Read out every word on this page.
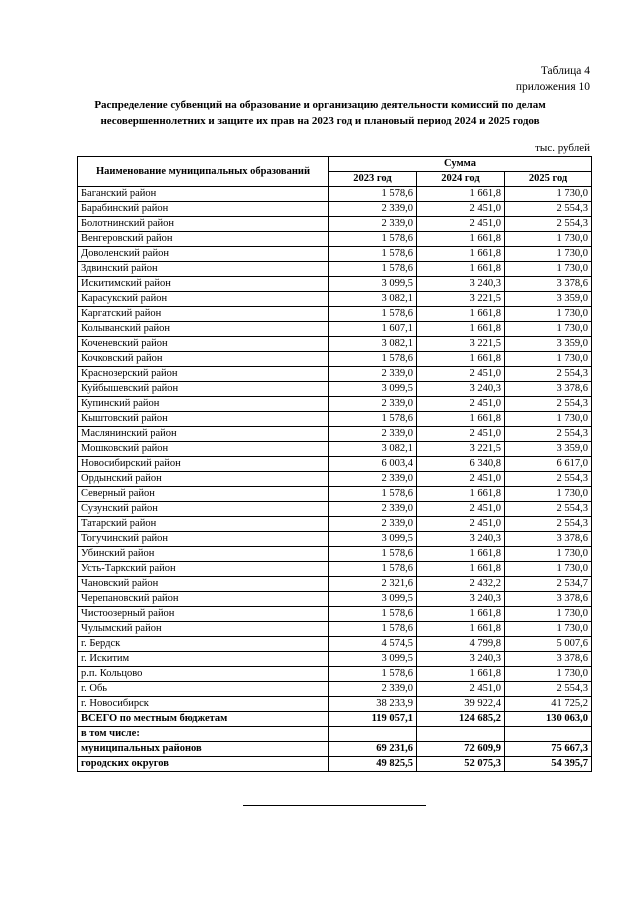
Таблица 4
приложения 10
Распределение субвенций на образование и организацию деятельности комиссий по делам
несовершеннолетних и защите их прав на 2023 год и плановый период 2024 и 2025 годов
тыс. рублей
Наименование муниципальных образований	Сумма		
	2023 год	2024 год	2025 год
Баганский район	1 578,6	1 661,8	1 730,0
Барабинский район	2 339,0	2 451,0	2 554,3
Болотнинский район	2 339,0	2 451,0	2 554,3
Венгеровский район	1 578,6	1 661,8	1 730,0
Доволенский район	1 578,6	1 661,8	1 730,0
Здвинский район	1 578,6	1 661,8	1 730,0
Искитимский район	3 099,5	3 240,3	3 378,6
Карасукский район	3 082,1	3 221,5	3 359,0
Каргатский район	1 578,6	1 661,8	1 730,0
Колыванский район	1 607,1	1 661,8	1 730,0
Коченевский район	3 082,1	3 221,5	3 359,0
Кочковский район	1 578,6	1 661,8	1 730,0
Краснозерский район	2 339,0	2 451,0	2 554,3
Куйбышевский район	3 099,5	3 240,3	3 378,6
Купинский район	2 339,0	2 451,0	2 554,3
Кыштовский район	1 578,6	1 661,8	1 730,0
Маслянинский район	2 339,0	2 451,0	2 554,3
Мошковский район	3 082,1	3 221,5	3 359,0
Новосибирский район	6 003,4	6 340,8	6 617,0
Ордынский район	2 339,0	2 451,0	2 554,3
Северный район	1 578,6	1 661,8	1 730,0
Сузунский район	2 339,0	2 451,0	2 554,3
Татарский район	2 339,0	2 451,0	2 554,3
Тогучинский район	3 099,5	3 240,3	3 378,6
Убинский район	1 578,6	1 661,8	1 730,0
Усть-Таркский район	1 578,6	1 661,8	1 730,0
Чановский район	2 321,6	2 432,2	2 534,7
Черепановский район	3 099,5	3 240,3	3 378,6
Чистоозерный район	1 578,6	1 661,8	1 730,0
Чулымский район	1 578,6	1 661,8	1 730,0
г. Бердск	4 574,5	4 799,8	5 007,6
г. Искитим	3 099,5	3 240,3	3 378,6
р.п. Кольцово	1 578,6	1 661,8	1 730,0
г. Обь	2 339,0	2 451,0	2 554,3
г. Новосибирск	38 233,9	39 922,4	41 725,2
ВСЕГО по местным бюджетам	119 057,1	124 685,2	130 063,0
в том числе:			
муниципальных районов	69 231,6	72 609,9	75 667,3
городских округов	49 825,5	52 075,3	54 395,7
